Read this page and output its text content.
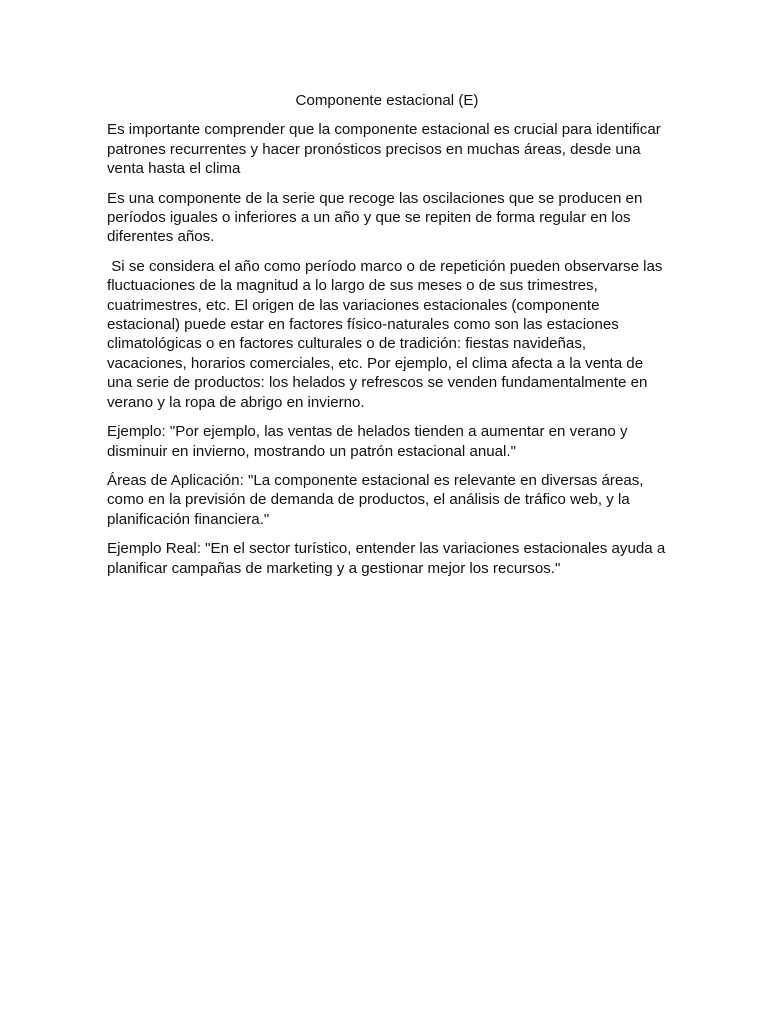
Componente estacional (E)

Es importante comprender que la componente estacional es crucial para identificar patrones recurrentes y hacer pronósticos precisos en muchas áreas, desde una venta hasta el clima

Es una componente de la serie que recoge las oscilaciones que se producen en períodos iguales o inferiores a un año y que se repiten de forma regular en los diferentes años.

Si se considera el año como período marco o de repetición pueden observarse las fluctuaciones de la magnitud a lo largo de sus meses o de sus trimestres, cuatrimestres, etc. El origen de las variaciones estacionales (componente estacional) puede estar en factores físico-naturales como son las estaciones climatológicas o en factores culturales o de tradición: fiestas navideñas, vacaciones, horarios comerciales, etc. Por ejemplo, el clima afecta a la venta de una serie de productos: los helados y refrescos se venden fundamentalmente en verano y la ropa de abrigo en invierno.

Ejemplo: "Por ejemplo, las ventas de helados tienden a aumentar en verano y disminuir en invierno, mostrando un patrón estacional anual."

Áreas de Aplicación: "La componente estacional es relevante en diversas áreas, como en la previsión de demanda de productos, el análisis de tráfico web, y la planificación financiera."

Ejemplo Real: "En el sector turístico, entender las variaciones estacionales ayuda a planificar campañas de marketing y a gestionar mejor los recursos."
